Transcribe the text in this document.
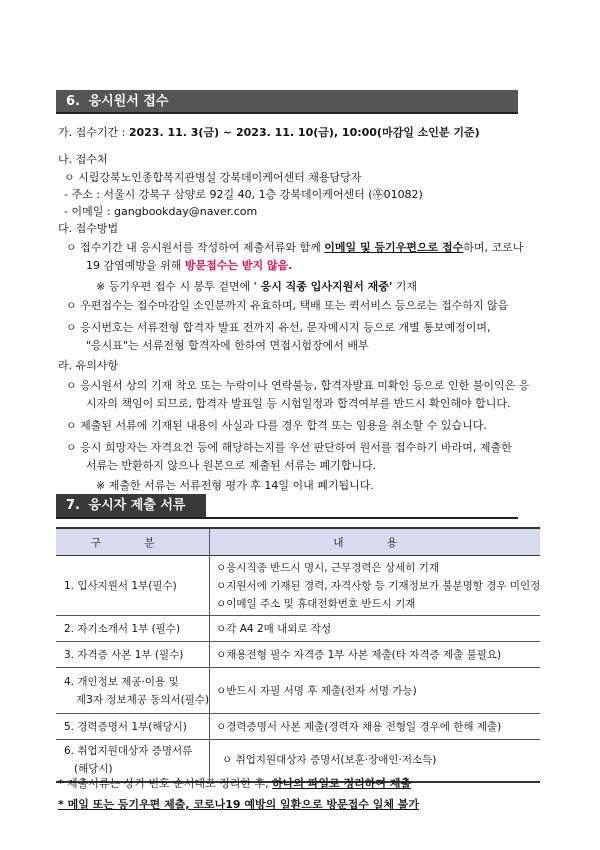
6. 응시원서 접수
가. 접수기간 : 2023. 11. 3(금) ~ 2023. 11. 10(금), 10:00(마감일 소인분 기준)
나. 접수처
ㅇ 시립강북노인종합복지관병설 강북데이케어센터 채용담당자
- 주소 : 서울시 강북구 삼양로 92길 40, 1층 강북데이케어센터 (㉾01082)
- 이메일 : gangbookday@naver.com
다. 접수방법
ㅇ 접수기간 내 응시원서를 작성하여 제출서류와 함께 이메일 및 등기우편으로 접수하며, 코로나
19 감염예방을 위해 방문접수는 받지 않음.
※ 등기우편 접수 시 봉투 겉면에 ' 응시 직종 입사지원서 재중' 기재
ㅇ 우편접수는 접수마감일 소인분까지 유효하며, 택배 또는 퀵서비스 등으로는 접수하지 않음
ㅇ 응시번호는 서류전형 합격자 발표 전까지 유선, 문자메시지 등으로 개별 통보예정이며,
"응시표"는 서류전형 합격자에 한하여 면접시험장에서 배부
라. 유의사항
ㅇ 응시원서 상의 기재 착오 또는 누락이나 연락불능, 합격자발표 미확인 등으로 인한 불이익은 응
시자의 책임이 되므로, 합격자 발표일 등 시험일정과 합격여부를 반드시 확인해야 합니다.
ㅇ 제출된 서류에 기재된 내용이 사실과 다를 경우 합격 또는 임용을 취소할 수 있습니다.
ㅇ 응시 희망자는 자격요건 등에 해당하는지를 우선 판단하여 원서를 접수하기 바라며, 제출한
서류는 반환하지 않으나 원본으로 제출된 서류는 폐기합니다.
※ 제출한 서류는 서류전형 평가 후 14일 이내 폐기됩니다.
7. 응시자 제출 서류
구 분	내 용

1. 입사지원서 1부(필수)	ㅇ응시직종 반드시 명시, 근무경력은 상세히 기재
ㅇ지원서에 기재된 경력, 자격사항 등 기재정보가 불분명할 경우 미인정
ㅇ이메일 주소 및 휴대전화번호 반드시 기재

2. 자기소개서 1부 (필수)	ㅇ각 A4 2매 내외로 작성

3. 자격증 사본 1부 (필수)	ㅇ채용전형 필수 자격증 1부 사본 제출(타 자격증 제출 불필요)

4. 개인정보 제공·이용 및
제3자 정보제공 동의서(필수)	ㅇ반드시 자필 서명 후 제출(전자 서명 가능)

5. 경력증명서 1부(해당시)	ㅇ경력증명서 사본 제출(경력자 채용 전형일 경우에 한해 제출)

6. 취업지원대상자 증명서류
(해당시)	ㅇ 취업지원대상자 증명서(보훈·장애인·저소득)
* 제출서류는 상기 번호 순서대로 정리한 후, 하나의 파일로 정리하여 제출
* 메일 또는 등기우편 제출, 코로나19 예방의 일환으로 방문접수 일체 불가
